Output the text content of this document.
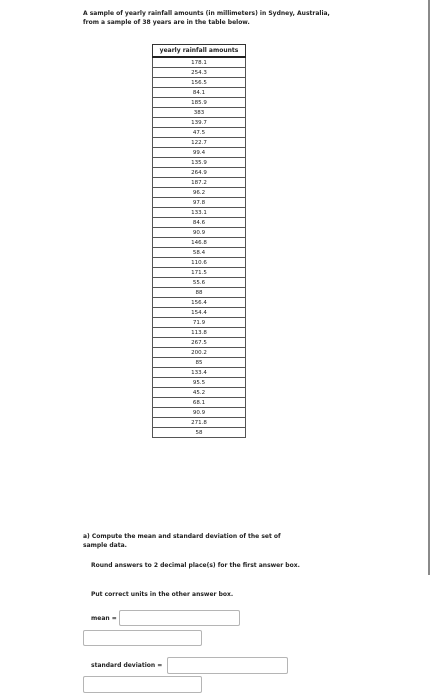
A sample of yearly rainfall amounts (in millimeters) in Sydney, Australia, from a sample of 38 years are in the table below.
yearly rainfall amounts
178.1
254.3
156.5
84.1
185.9
383
139.7
47.5
122.7
99.4
135.9
264.9
187.2
96.2
97.8
133.1
84.6
90.9
146.8
58.4
110.6
171.5
55.6
88
156.4
154.4
71.9
113.8
267.5
200.2
85
133.4
95.5
45.2
68.1
90.9
271.8
58
a) Compute the mean and standard deviation of the set of sample data.
Round answers to 2 decimal place(s) for the first answer box.
Put correct units in the other answer box.
mean =
standard deviation =
